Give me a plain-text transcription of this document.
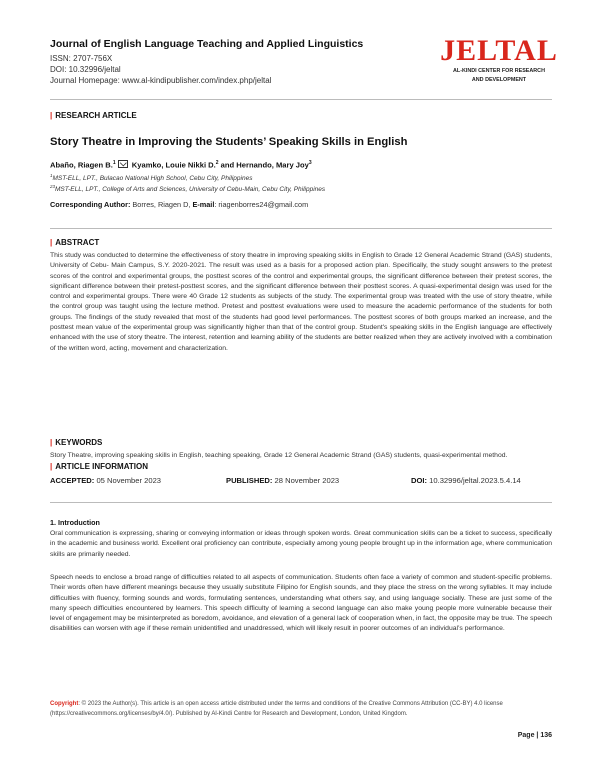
Journal of English Language Teaching and Applied Linguistics
ISSN: 2707-756X
DOI: 10.32996/jeltal
Journal Homepage: www.al-kindipublisher.com/index.php/jeltal
JELTAL
AL-KINDI CENTER FOR RESEARCH
AND DEVELOPMENT
| RESEARCH ARTICLE
Story Theatre in Improving the Students’ Speaking Skills in English
Abaño, Riagen B.$^1$ Kyamko, Louie Nikki D.$^2$ and Hernando, Mary Joy$^3$
$^1$MST-ELL, LPT., Bulacao National High School, Cebu City, Philippines
$^{23}$MST-ELL, LPT., College of Arts and Sciences, University of Cebu-Main, Cebu City, Philippines
Corresponding Author: Borres, Riagen D, E-mail: riagenborres24@gmail.com
| ABSTRACT

This study was conducted to determine the effectiveness of story theatre in improving speaking skills in English to Grade 12 General Academic Strand (GAS) students, University of Cebu- Main Campus, S.Y. 2020-2021. The result was used as a basis for a proposed action plan. Specifically, the study sought answers to the pretest scores of the control and experimental groups, the posttest scores of the control and experimental groups, the significant difference between their pretest scores, the significant difference between their pretest-posttest scores, and the significant difference between their posttest scores. A quasi-experimental design was used for the control and experimental groups. There were 40 Grade 12 students as subjects of the study. The experimental group was treated with the use of story theatre, while the control group was taught using the lecture method. Pretest and posttest evaluations were used to measure the academic performance of the students for both groups. The findings of the study revealed that most of the students had good level performances. The posttest scores of both groups marked an increase, and the posttest mean value of the experimental group was significantly higher than that of the control group. Student's speaking skills in the English language are effectively enhanced with the use of story theatre. The interest, retention and learning ability of the students are better realized when they are actively involved with a combination of the written word, acting, movement and characterization.

| KEYWORDS

Story Theatre, improving speaking skills in English, teaching speaking, Grade 12 General Academic Strand (GAS) students, quasi-experimental method.

| ARTICLE INFORMATION
ACCEPTED: 05 November 2023	PUBLISHED: 28 November 2023	DOI: 10.32996/jeltal.2023.5.4.14
1. Introduction

Oral communication is expressing, sharing or conveying information or ideas through spoken words. Great communication skills can be a ticket to success, specifically in the academic and business world. Excellent oral proficiency can contribute, especially among young people brought up in the information age, where communication skills are primarily needed.

Speech needs to enclose a broad range of difficulties related to all aspects of communication. Students often face a variety of common and student-specific problems. Their words often have different meanings because they usually substitute Filipino for English sounds, and they place the stress on the wrong syllables. It may include difficulties with fluency, forming sounds and words, formulating sentences, understanding what others say, and using language socially. These are just some of the many speech difficulties encountered by learners. This speech difficulty of learning a second language can also make young people more vulnerable because their level of engagement may be misinterpreted as boredom, avoidance, and elevation of a general lack of cooperation when, in fact, the opposite may be true. The speech disabilities can worsen with age if these remain unidentified and unaddressed, which will likely result in poorer outcomes of an individual’s performance.

Copyright: © 2023 the Author(s). This article is an open access article distributed under the terms and conditions of the Creative Commons Attribution (CC-BY) 4.0 license (https://creativecommons.org/licenses/by/4.0/). Published by Al-Kindi Centre for Research and Development, London, United Kingdom.

Page | 136
